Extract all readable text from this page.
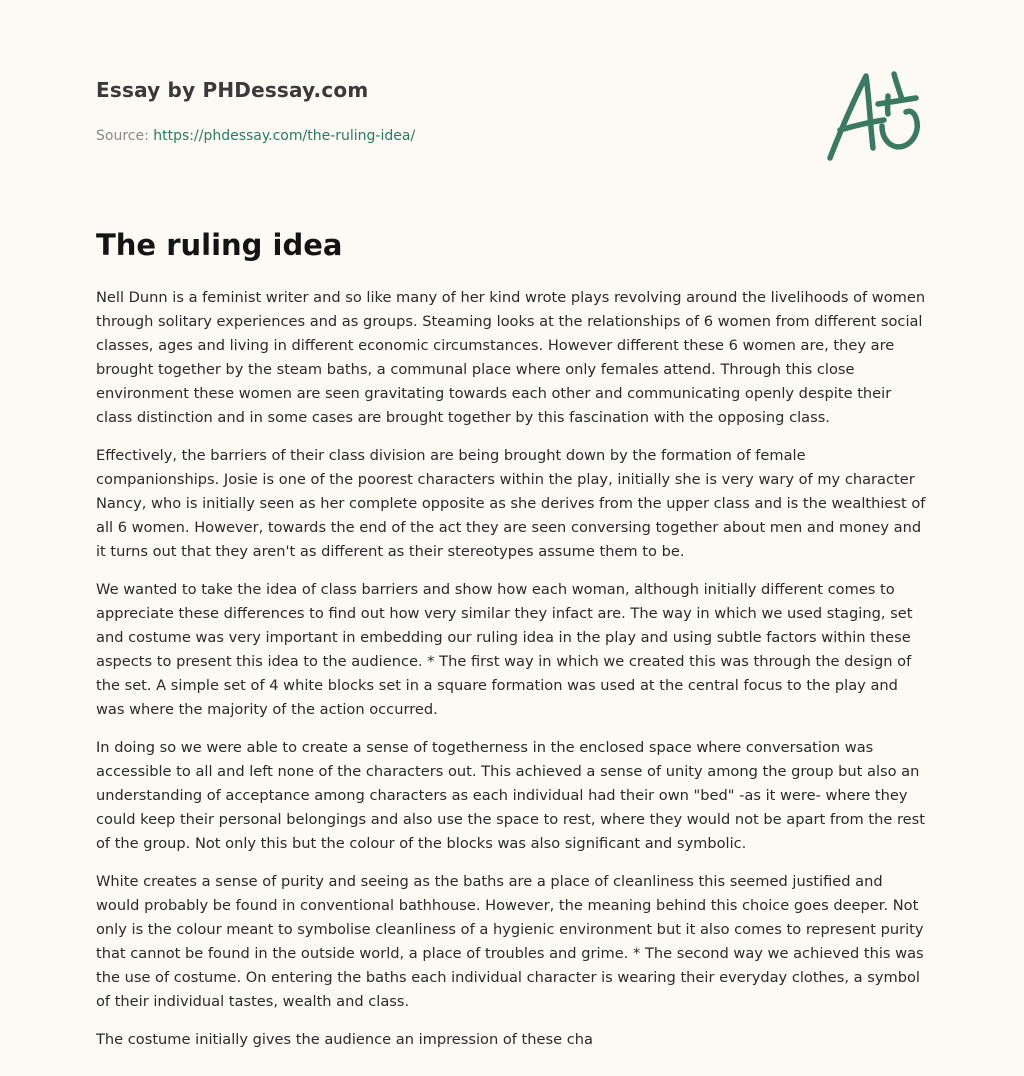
Essay by PHDessay.com
Source: https://phdessay.com/the-ruling-idea/
The ruling idea

Nell Dunn is a feminist writer and so like many of her kind wrote plays revolving around the livelihoods of women through solitary experiences and as groups. Steaming looks at the relationships of 6 women from different social classes, ages and living in different economic circumstances. However different these 6 women are, they are brought together by the steam baths, a communal place where only females attend. Through this close environment these women are seen gravitating towards each other and communicating openly despite their class distinction and in some cases are brought together by this fascination with the opposing class.

Effectively, the barriers of their class division are being brought down by the formation of female companionships. Josie is one of the poorest characters within the play, initially she is very wary of my character Nancy, who is initially seen as her complete opposite as she derives from the upper class and is the wealthiest of all 6 women. However, towards the end of the act they are seen conversing together about men and money and it turns out that they aren't as different as their stereotypes assume them to be.

We wanted to take the idea of class barriers and show how each woman, although initially different comes to appreciate these differences to find out how very similar they infact are. The way in which we used staging, set and costume was very important in embedding our ruling idea in the play and using subtle factors within these aspects to present this idea to the audience. * The first way in which we created this was through the design of the set. A simple set of 4 white blocks set in a square formation was used at the central focus to the play and was where the majority of the action occurred.

In doing so we were able to create a sense of togetherness in the enclosed space where conversation was accessible to all and left none of the characters out. This achieved a sense of unity among the group but also an understanding of acceptance among characters as each individual had their own "bed" -as it were- where they could keep their personal belongings and also use the space to rest, where they would not be apart from the rest of the group. Not only this but the colour of the blocks was also significant and symbolic.

White creates a sense of purity and seeing as the baths are a place of cleanliness this seemed justified and would probably be found in conventional bathhouse. However, the meaning behind this choice goes deeper. Not only is the colour meant to symbolise cleanliness of a hygienic environment but it also comes to represent purity that cannot be found in the outside world, a place of troubles and grime. * The second way we achieved this was the use of costume. On entering the baths each individual character is wearing their everyday clothes, a symbol of their individual tastes, wealth and class.

The costume initially gives the audience an impression of these cha
